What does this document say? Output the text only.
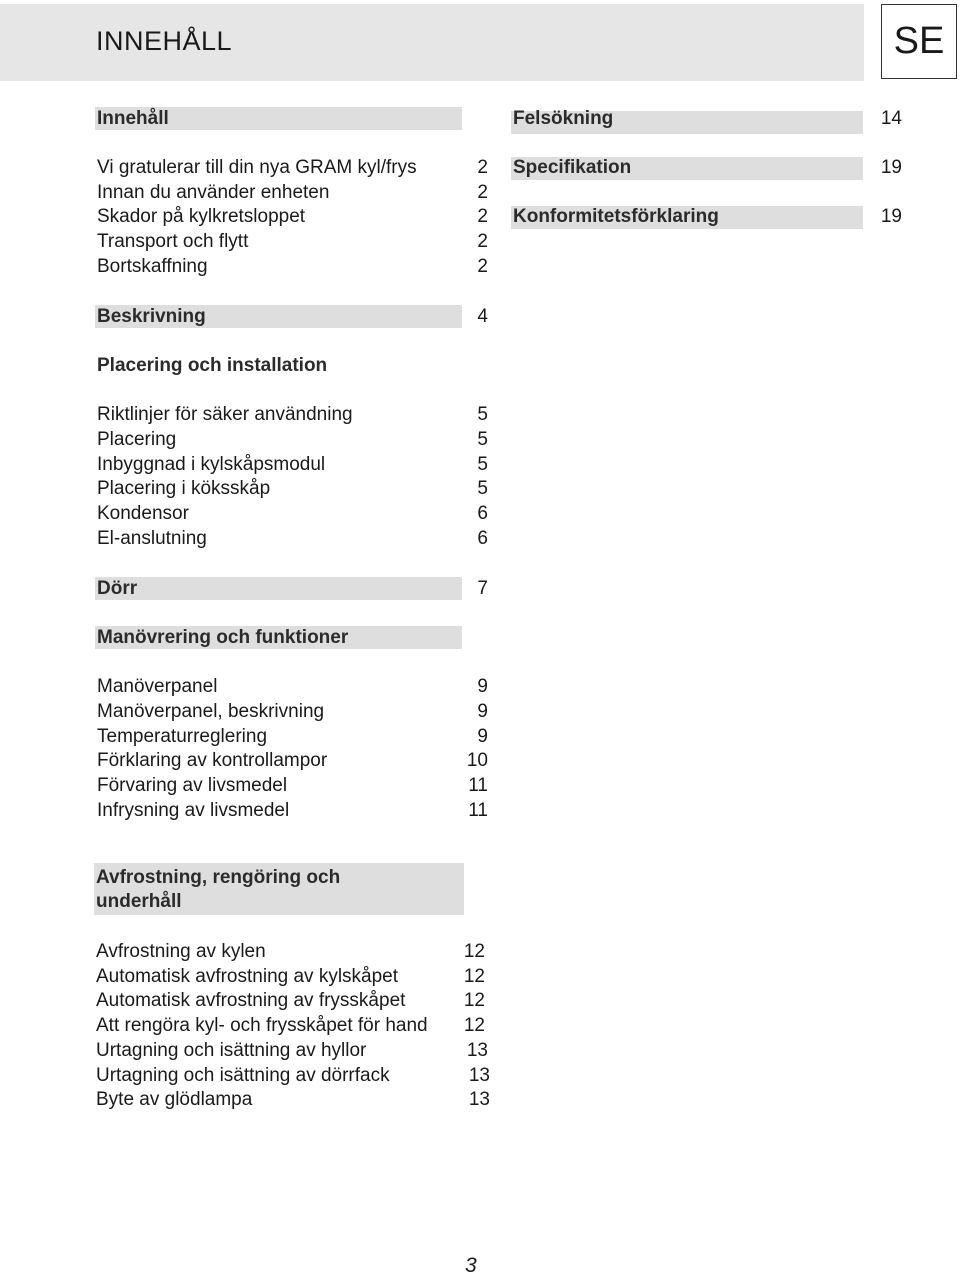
INNEHÅLL	SE
Innehåll
Vi gratulerar till din nya GRAM kyl/frys	2
Innan du använder enheten	2
Skador på kylkretsloppet	2
Transport och flytt	2
Bortskaffning	2
Beskrivning	4
Placering och installation
Riktlinjer för säker användning	5
Placering	5
Inbyggnad i kylskåpsmodul	5
Placering i köksskåp	5
Kondensor	6
El-anslutning	6
Dörr	7
Manövrering och funktioner
Manöverpanel	9
Manöverpanel, beskrivning	9
Temperaturreglering	9
Förklaring av kontrollampor	10
Förvaring av livsmedel	11
Infrysning av livsmedel	11
Avfrostning, rengöring och
underhåll
Avfrostning av kylen	12
Automatisk avfrostning av kylskåpet	12
Automatisk avfrostning av frysskåpet	12
Att rengöra kyl- och frysskåpet för hand	12
Urtagning och isättning av hyllor	13
Urtagning och isättning av dörrfack	13
Byte av glödlampa	13
Felsökning	14
Specifikation	19
Konformitetsförklaring	19
3
